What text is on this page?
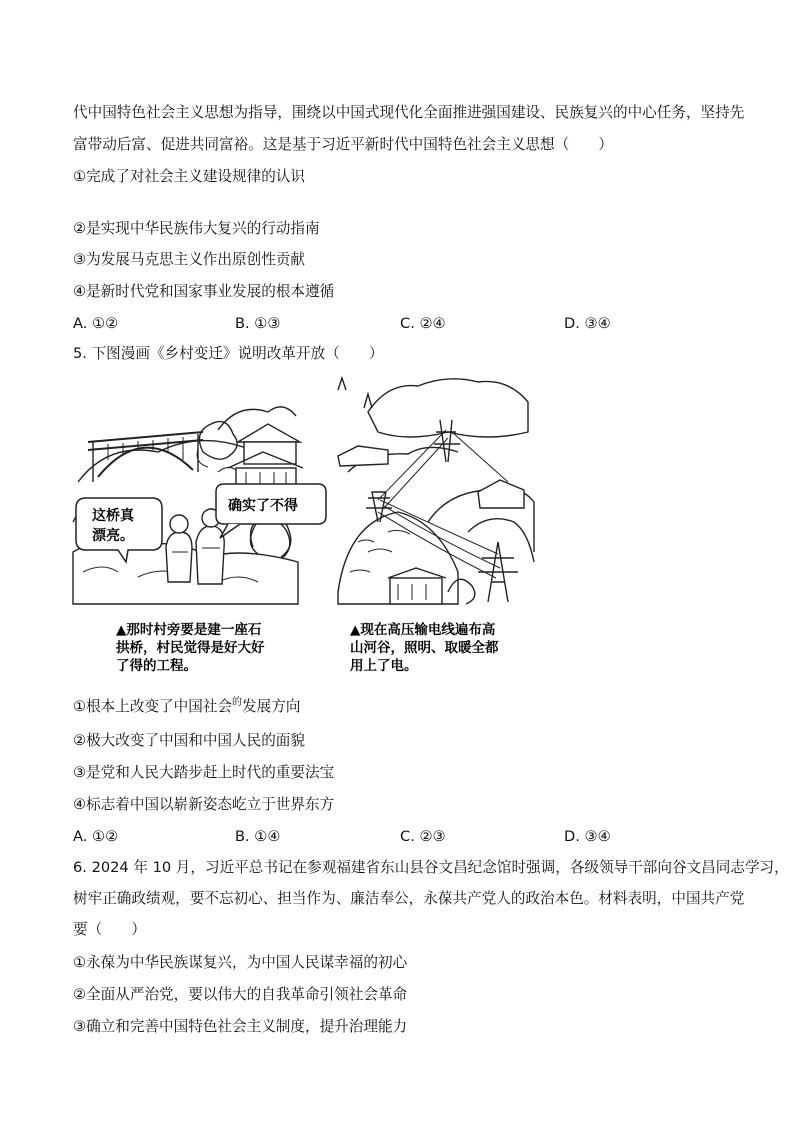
代中国特色社会主义思想为指导，围绕以中国式现代化全面推进强国建设、民族复兴的中心任务，坚持先
富带动后富、促进共同富裕。这是基于习近平新时代中国特色社会主义思想（　　）
①完成了对社会主义建设规律的认识
②是实现中华民族伟大复兴的行动指南
③为发展马克思主义作出原创性贡献
④是新时代党和国家事业发展的根本遵循
A. ①②	B. ①③	C. ②④	D. ③④
5. 下图漫画《乡村变迁》说明改革开放（　　）
这桥真
漂亮。
确实了不得
▲那时村旁要是建一座石
拱桥，村民觉得是好大好
了得的工程。
▲现在高压输电线遍布高
山河谷，照明、取暖全都
用上了电。
①根本上改变了中国社会$^的$发展方向
②极大改变了中国和中国人民的面貌
③是党和人民大踏步赶上时代的重要法宝
④标志着中国以崭新姿态屹立于世界东方
A. ①②	B. ①④	C. ②③	D. ③④
6. 2024 年 10 月，习近平总书记在参观福建省东山县谷文昌纪念馆时强调，各级领导干部向谷文昌同志学习，
树牢正确政绩观，要不忘初心、担当作为、廉洁奉公，永葆共产党人的政治本色。材料表明，中国共产党
要（　　）
①永葆为中华民族谋复兴，为中国人民谋幸福的初心
②全面从严治党，要以伟大的自我革命引领社会革命
③确立和完善中国特色社会主义制度，提升治理能力
